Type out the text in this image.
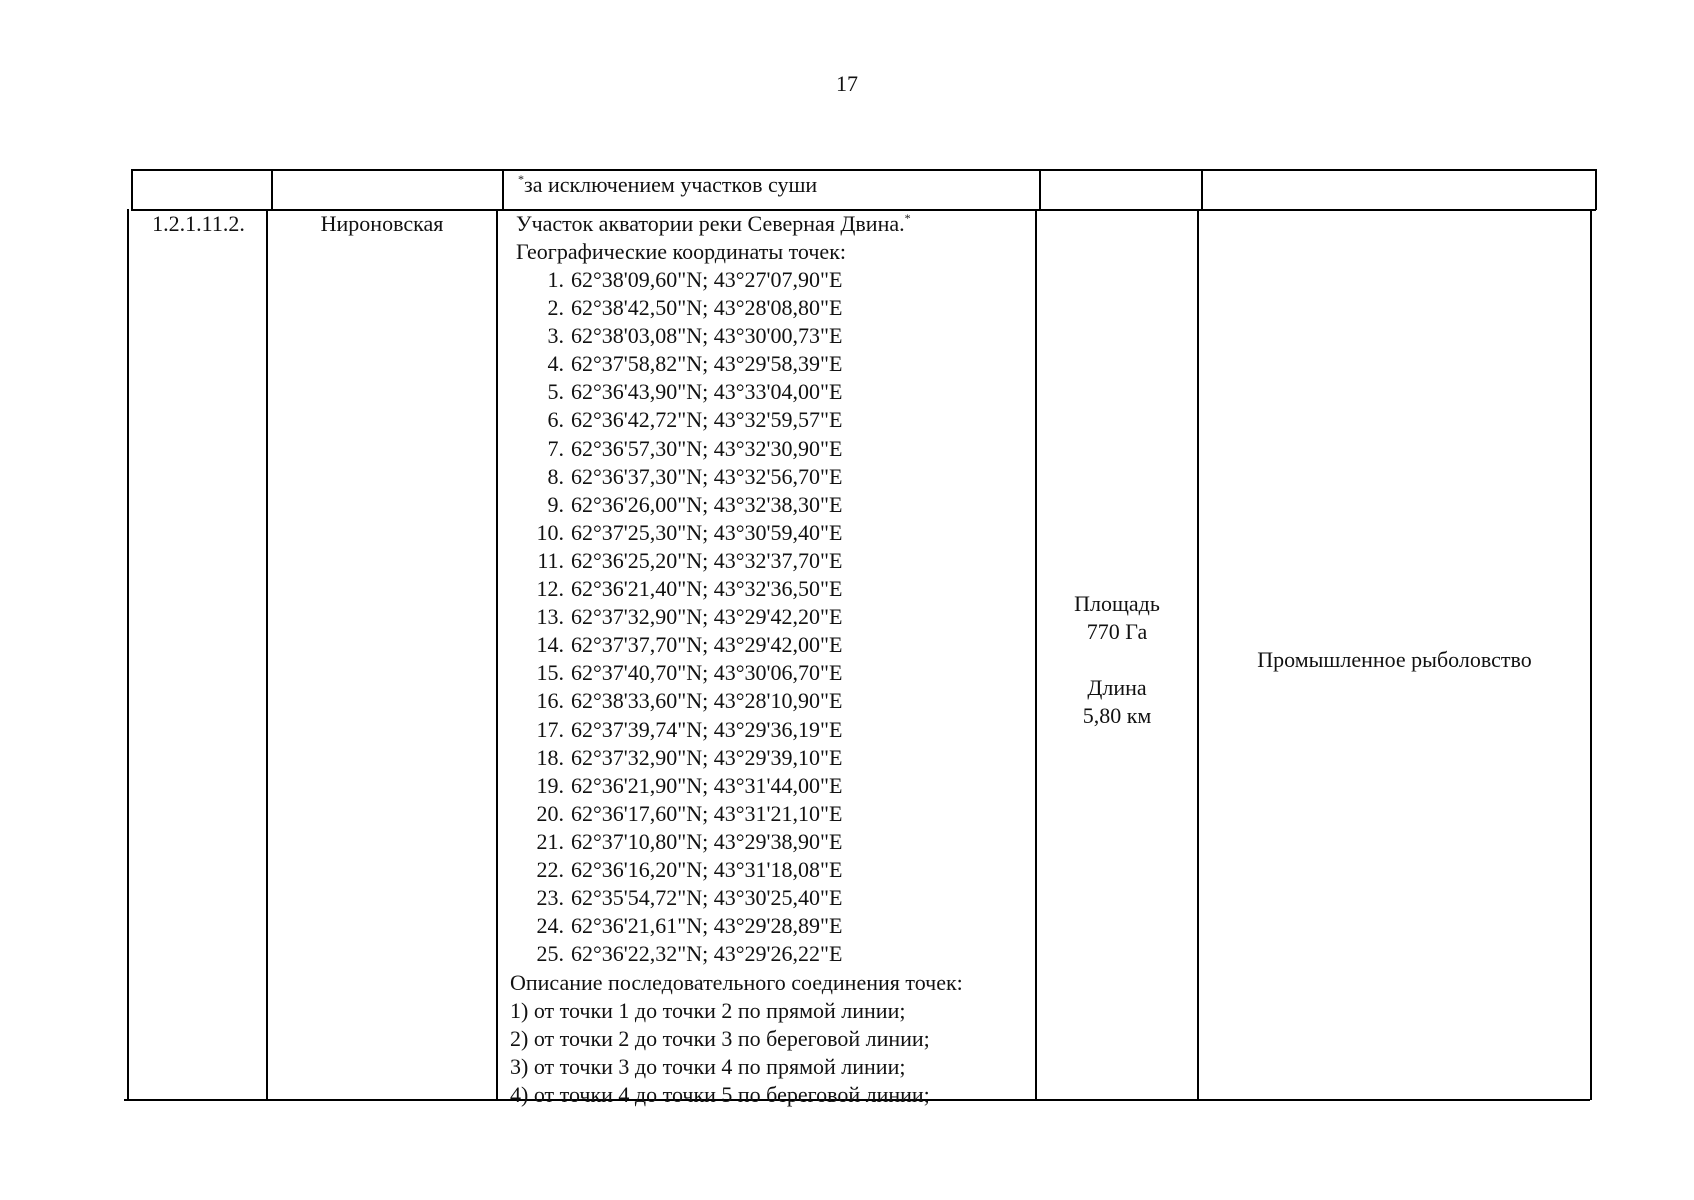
17
*за исключением участков суши
1.2.1.11.2.	Нироновская	Участок акватории реки Северная Двина.*
Географические координаты точек:
1. 62°38'09,60"N; 43°27'07,90"E
2. 62°38'42,50"N; 43°28'08,80"E
3. 62°38'03,08"N; 43°30'00,73"E
4. 62°37'58,82"N; 43°29'58,39"E
5. 62°36'43,90"N; 43°33'04,00"E
6. 62°36'42,72"N; 43°32'59,57"E
7. 62°36'57,30"N; 43°32'30,90"E
8. 62°36'37,30"N; 43°32'56,70"E
9. 62°36'26,00"N; 43°32'38,30"E
10. 62°37'25,30"N; 43°30'59,40"E
11. 62°36'25,20"N; 43°32'37,70"E
12. 62°36'21,40"N; 43°32'36,50"E
13. 62°37'32,90"N; 43°29'42,20"E
14. 62°37'37,70"N; 43°29'42,00"E
15. 62°37'40,70"N; 43°30'06,70"E
16. 62°38'33,60"N; 43°28'10,90"E
17. 62°37'39,74"N; 43°29'36,19"E
18. 62°37'32,90"N; 43°29'39,10"E
19. 62°36'21,90"N; 43°31'44,00"E
20. 62°36'17,60"N; 43°31'21,10"E
21. 62°37'10,80"N; 43°29'38,90"E
22. 62°36'16,20"N; 43°31'18,08"E
23. 62°35'54,72"N; 43°30'25,40"E
24. 62°36'21,61"N; 43°29'28,89"E
25. 62°36'22,32"N; 43°29'26,22"E
Описание последовательного соединения точек:
1) от точки 1 до точки 2 по прямой линии;
2) от точки 2 до точки 3 по береговой линии;
3) от точки 3 до точки 4 по прямой линии;
4) от точки 4 до точки 5 по береговой линии;
Площадь
770 Га
Длина
5,80 км
Промышленное рыболовство
